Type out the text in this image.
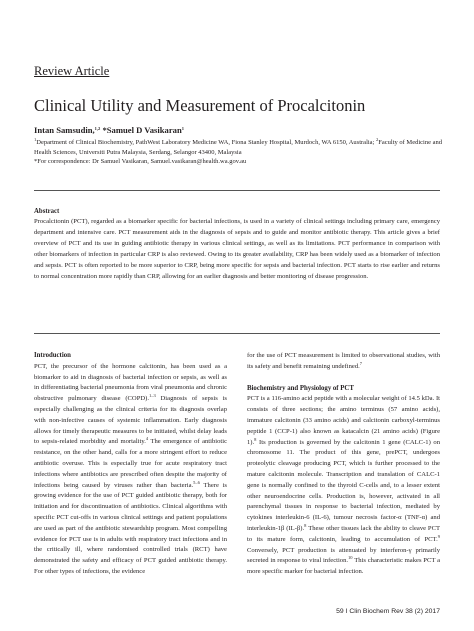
Review Article
Clinical Utility and Measurement of Procalcitonin
Intan Samsudin,$^{1,2}$ *Samuel D Vasikaran$^1$
$^1$Department of Clinical Biochemistry, PathWest Laboratory Medicine WA, Fiona Stanley Hospital, Murdoch, WA 6150, Australia; $^2$Faculty of Medicine and Health Sciences, Universiti Putra Malaysia, Serdang, Selangor 43400, Malaysia
*For correspondence: Dr Samuel Vasikaran, Samuel.vasikaran@health.wa.gov.au
Abstract
Procalcitonin (PCT), regarded as a biomarker specific for bacterial infections, is used in a variety of clinical settings including primary care, emergency department and intensive care. PCT measurement aids in the diagnosis of sepsis and to guide and monitor antibiotic therapy. This article gives a brief overview of PCT and its use in guiding antibiotic therapy in various clinical settings, as well as its limitations. PCT performance in comparison with other biomarkers of infection in particular CRP is also reviewed. Owing to its greater availability, CRP has been widely used as a biomarker of infection and sepsis. PCT is often reported to be more superior to CRP, being more specific for sepsis and bacterial infection. PCT starts to rise earlier and returns to normal concentration more rapidly than CRP, allowing for an earlier diagnosis and better monitoring of disease progression.
Introduction

PCT, the precursor of the hormone calcitonin, has been used as a biomarker to aid in diagnosis of bacterial infection or sepsis, as well as in differentiating bacterial pneumonia from viral pneumonia and chronic obstructive pulmonary disease (COPD).$^{1-3}$ Diagnosis of sepsis is especially challenging as the clinical criteria for its diagnosis overlap with non-infective causes of systemic inflammation. Early diagnosis allows for timely therapeutic measures to be initiated, whilst delay leads to sepsis-related morbidity and mortality.$^4$ The emergence of antibiotic resistance, on the other hand, calls for a more stringent effort to reduce antibiotic overuse. This is especially true for acute respiratory tract infections where antibiotics are prescribed often despite the majority of infections being caused by viruses rather than bacteria.$^{5-6}$ There is growing evidence for the use of PCT guided antibiotic therapy, both for initiation and for discontinuation of antibiotics. Clinical algorithms with specific PCT cut-offs in various clinical settings and patient populations are used as part of the antibiotic stewardship program. Most compelling evidence for PCT use is in adults with respiratory tract infections and in the critically ill, where randomised controlled trials (RCT) have demonstrated the safety and efficacy of PCT guided antibiotic therapy. For other types of infections, the evidence

for the use of PCT measurement is limited to observational studies, with its safety and benefit remaining undefined.$^7$

Biochemistry and Physiology of PCT

PCT is a 116-amino acid peptide with a molecular weight of 14.5 kDa. It consists of three sections; the amino terminus (57 amino acids), immature calcitonin (33 amino acids) and calcitonin carboxyl-terminus peptide 1 (CCP-1) also known as katacalcin (21 amino acids) (Figure 1).$^8$ Its production is governed by the calcitonin 1 gene (CALC-1) on chromosome 11. The product of this gene, prePCT, undergoes proteolytic cleavage producing PCT, which is further processed to the mature calcitonin molecule. Transcription and translation of CALC-1 gene is normally confined to the thyroid C-cells and, to a lesser extent other neuroendocrine cells. Production is, however, activated in all parenchymal tissues in response to bacterial infection, mediated by cytokines interleukin-6 (IL-6), tumour necrosis factor-α (TNF-α) and interleukin-1β (IL-β).$^8$ These other tissues lack the ability to cleave PCT to its mature form, calcitonin, leading to accumulation of PCT.$^9$ Conversely, PCT production is attenuated by interferon-γ primarily secreted in response to viral infection.$^{10}$ This characteristic makes PCT a more specific marker for bacterial infection.

59 I Clin Biochem Rev 38 (2) 2017
